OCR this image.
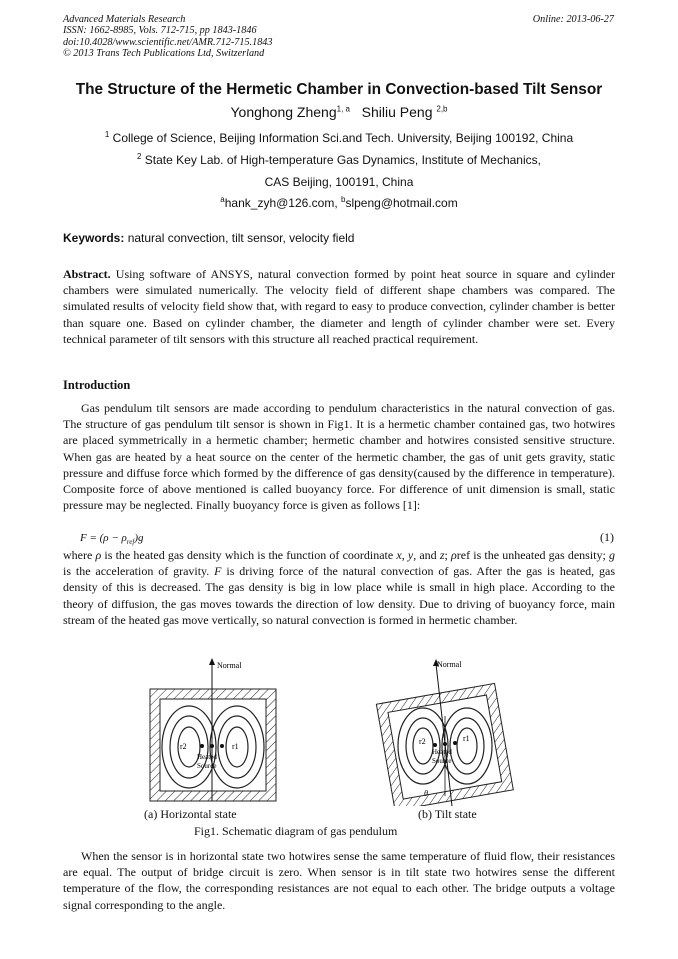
Advanced Materials Research
ISSN: 1662-8985, Vols. 712-715, pp 1843-1846
doi:10.4028/www.scientific.net/AMR.712-715.1843
© 2013 Trans Tech Publications Ltd, Switzerland
Online: 2013-06-27
The Structure of the Hermetic Chamber in Convection-based Tilt Sensor
Yonghong Zheng$^{1, a}$ Shiliu Peng $^{2,b}$
$^1$ College of Science, Beijing Information Sci.and Tech. University, Beijing 100192, China
$^2$ State Key Lab. of High-temperature Gas Dynamics, Institute of Mechanics,
CAS Beijing, 100191, China
$^a$hank_zyh@126.com, $^b$slpeng@hotmail.com
Keywords: natural convection, tilt sensor, velocity field
Abstract. Using software of ANSYS, natural convection formed by point heat source in square and cylinder chambers were simulated numerically. The velocity field of different shape chambers was compared. The simulated results of velocity field show that, with regard to easy to produce convection, cylinder chamber is better than square one. Based on cylinder chamber, the diameter and length of cylinder chamber were set. Every technical parameter of tilt sensors with this structure all reached practical requirement.
Introduction
Gas pendulum tilt sensors are made according to pendulum characteristics in the natural convection of gas. The structure of gas pendulum tilt sensor is shown in Fig1. It is a hermetic chamber contained gas, two hotwires are placed symmetrically in a hermetic chamber; hermetic chamber and hotwires consisted sensitive structure. When gas are heated by a heat source on the center of the hermetic chamber, the gas of unit gets gravity, static pressure and diffuse force which formed by the difference of gas density(caused by the difference in temperature). Composite force of above mentioned is called buoyancy force. For difference of unit dimension is small, static pressure may be neglected. Finally buoyancy force is given as follows [1]:
$F = (\rho - \rho_{ref})g$	(1)
where ρ is the heated gas density which is the function of coordinate x, y, and z; ρref is the unheated gas density; g is the acceleration of gravity. F is driving force of the natural convection of gas. After the gas is heated, gas density of this is decreased. The gas density is big in low place while is small in high place. According to the theory of diffusion, the gas moves towards the direction of low density. Due to driving of buoyancy force, main stream of the heated gas move vertically, so natural convection is formed in hermetic chamber.
Normal
r2	r1
Heated
Source
Normal
r2	r1
Heated
Source
θ
(a) Horizontal state	(b) Tilt state
Fig1. Schematic diagram of gas pendulum
When the sensor is in horizontal state two hotwires sense the same temperature of fluid flow, their resistances are equal. The output of bridge circuit is zero. When sensor is in tilt state two hotwires sense the different temperature of the flow, the corresponding resistances are not equal to each other. The bridge outputs a voltage signal corresponding to the angle.
